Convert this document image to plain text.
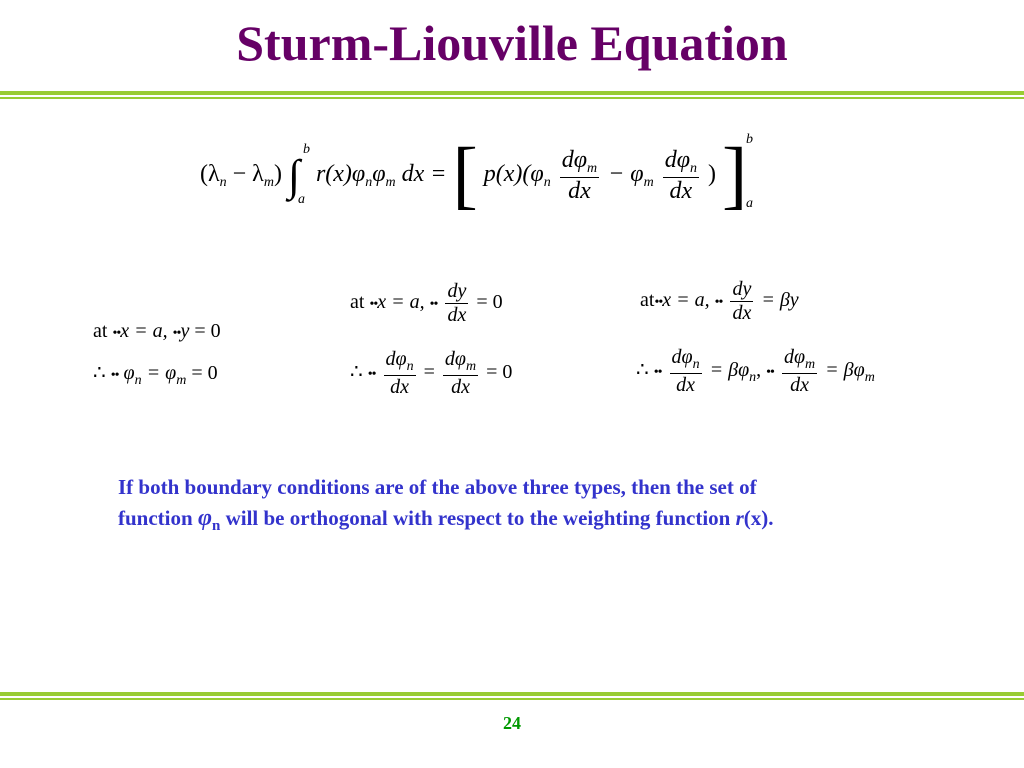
Sturm-Liouville Equation
$(\lambda_n - \lambda_m)$ ∫
b
a
$r(x)\varphi_n\varphi_m$ dx = [ $p(x)(\varphi_n \frac{d\varphi_m}{dx} - \varphi_m \frac{d\varphi_n}{dx}$ ) ]
b
a
at ••x = a, ••y = 0
∴ •• $\varphi_n = \varphi_m = 0$
at ••x = a, •• $\frac{dy}{dx} = 0$
∴ •• $\frac{d\varphi_n}{dx} = \frac{d\varphi_m}{dx} = 0$
at••x = a, •• $\frac{dy}{dx} = \beta y$
∴ •• $\frac{d\varphi_n}{dx} = \beta\varphi_n$, •• $\frac{d\varphi_m}{dx} = \beta\varphi_m$
If both boundary conditions are of the above three types, then the set of
function $\varphi_n$ will be orthogonal with respect to the weighting function r(x).
24
